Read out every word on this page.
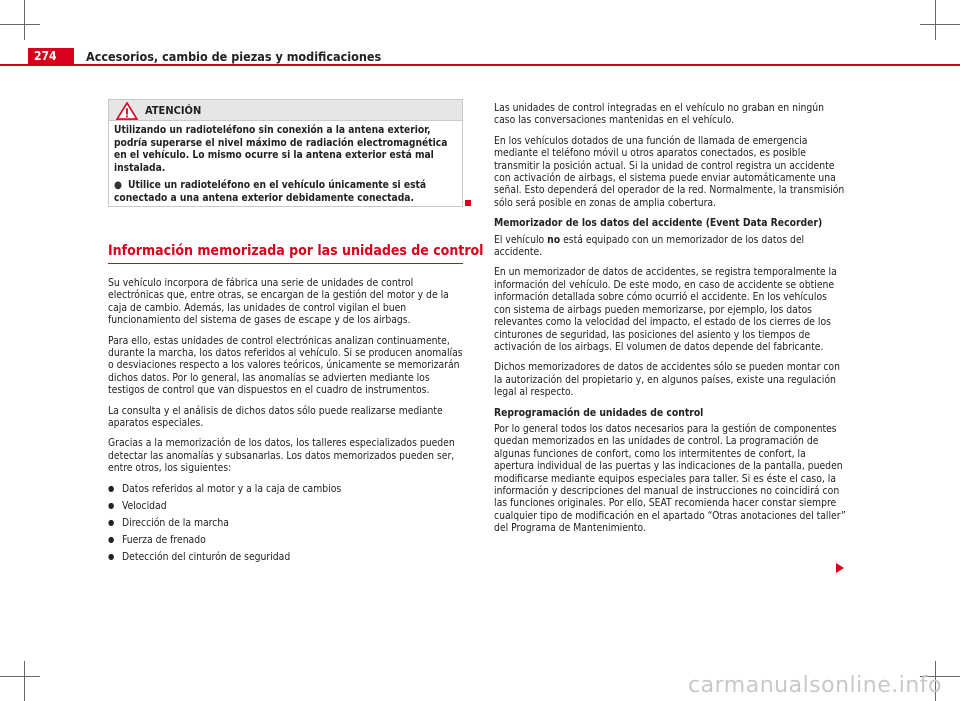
274	Accesorios, cambio de piezas y modificaciones
ATENCIÓN

Utilizando un radioteléfono sin conexión a la antena exterior, podría superarse el nivel máximo de radiación electromagnética en el vehículo. Lo mismo ocurre si la antena exterior está mal instalada.

● Utilice un radioteléfono en el vehículo únicamente si está conectado a una antena exterior debidamente conectada.

Información memorizada por las unidades de control

Su vehículo incorpora de fábrica una serie de unidades de control electrónicas que, entre otras, se encargan de la gestión del motor y de la caja de cambio. Además, las unidades de control vigilan el buen funcionamiento del sistema de gases de escape y de los airbags.

Para ello, estas unidades de control electrónicas analizan continuamente, durante la marcha, los datos referidos al vehículo. Si se producen anomalías o desviaciones respecto a los valores teóricos, únicamente se memorizarán dichos datos. Por lo general, las anomalías se advierten mediante los testigos de control que van dispuestos en el cuadro de instrumentos.

La consulta y el análisis de dichos datos sólo puede realizarse mediante aparatos especiales.

Gracias a la memorización de los datos, los talleres especializados pueden detectar las anomalías y subsanarlas. Los datos memorizados pueden ser, entre otros, los siguientes:

● Datos referidos al motor y a la caja de cambios
● Velocidad
● Dirección de la marcha
● Fuerza de frenado
● Detección del cinturón de seguridad

Las unidades de control integradas en el vehículo no graban en ningún caso las conversaciones mantenidas en el vehículo.

En los vehículos dotados de una función de llamada de emergencia mediante el teléfono móvil u otros aparatos conectados, es posible transmitir la posición actual. Si la unidad de control registra un accidente con activación de airbags, el sistema puede enviar automáticamente una señal. Esto dependerá del operador de la red. Normalmente, la transmisión sólo será posible en zonas de amplia cobertura.

Memorizador de los datos del accidente (Event Data Recorder)

El vehículo no está equipado con un memorizador de los datos del accidente.

En un memorizador de datos de accidentes, se registra temporalmente la información del vehículo. De este modo, en caso de accidente se obtiene información detallada sobre cómo ocurrió el accidente. En los vehículos con sistema de airbags pueden memorizarse, por ejemplo, los datos relevantes como la velocidad del impacto, el estado de los cierres de los cinturones de seguridad, las posiciones del asiento y los tiempos de activación de los airbags. El volumen de datos depende del fabricante.

Dichos memorizadores de datos de accidentes sólo se pueden montar con la autorización del propietario y, en algunos países, existe una regulación legal al respecto.

Reprogramación de unidades de control

Por lo general todos los datos necesarios para la gestión de componentes quedan memorizados en las unidades de control. La programación de algunas funciones de confort, como los intermitentes de confort, la apertura individual de las puertas y las indicaciones de la pantalla, pueden modificarse mediante equipos especiales para taller. Si es éste el caso, la información y descripciones del manual de instrucciones no coincidirá con las funciones originales. Por ello, SEAT recomienda hacer constar siempre cualquier tipo de modificación en el apartado “Otras anotaciones del taller” del Programa de Mantenimiento.

carmanualsonline.info
